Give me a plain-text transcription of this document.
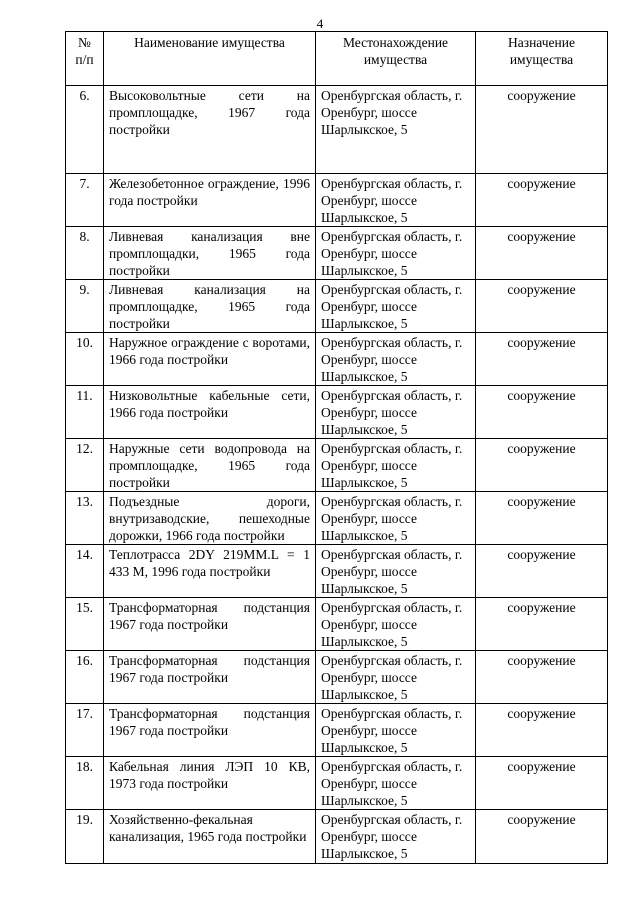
4
№ п/п	Наименование имущества	Местонахождение имущества	Назначение имущества
6.	Высоковольтные сети на промплощадке, 1967 года постройки	Оренбургская область, г. Оренбург, шоссе Шарлыкское, 5	сооружение
7.	Железобетонное ограждение, 1996 года постройки	Оренбургская область, г. Оренбург, шоссе Шарлыкское, 5	сооружение
8.	Ливневая канализация вне промплощадки, 1965 года постройки	Оренбургская область, г. Оренбург, шоссе Шарлыкское, 5	сооружение
9.	Ливневая канализация на промплощадке, 1965 года постройки	Оренбургская область, г. Оренбург, шоссе Шарлыкское, 5	сооружение
10.	Наружное ограждение с воротами, 1966 года постройки	Оренбургская область, г. Оренбург, шоссе Шарлыкское, 5	сооружение
11.	Низковольтные кабельные сети, 1966 года постройки	Оренбургская область, г. Оренбург, шоссе Шарлыкское, 5	сооружение
12.	Наружные сети водопровода на промплощадке, 1965 года постройки	Оренбургская область, г. Оренбург, шоссе Шарлыкское, 5	сооружение
13.	Подъездные дороги, внутризаводские, пешеходные дорожки, 1966 года постройки	Оренбургская область, г. Оренбург, шоссе Шарлыкское, 5	сооружение
14.	Теплотрасса 2DY 219MM.L = 1 433 M, 1996 года постройки	Оренбургская область, г. Оренбург, шоссе Шарлыкское, 5	сооружение
15.	Трансформаторная подстанция 1967 года постройки	Оренбургская область, г. Оренбург, шоссе Шарлыкское, 5	сооружение
16.	Трансформаторная подстанция 1967 года постройки	Оренбургская область, г. Оренбург, шоссе Шарлыкское, 5	сооружение
17.	Трансформаторная подстанция 1967 года постройки	Оренбургская область, г. Оренбург, шоссе Шарлыкское, 5	сооружение
18.	Кабельная линия ЛЭП 10 КВ, 1973 года постройки	Оренбургская область, г. Оренбург, шоссе Шарлыкское, 5	сооружение
19.	Хозяйственно-фекальная канализация, 1965 года постройки	Оренбургская область, г. Оренбург, шоссе Шарлыкское, 5	сооружение
